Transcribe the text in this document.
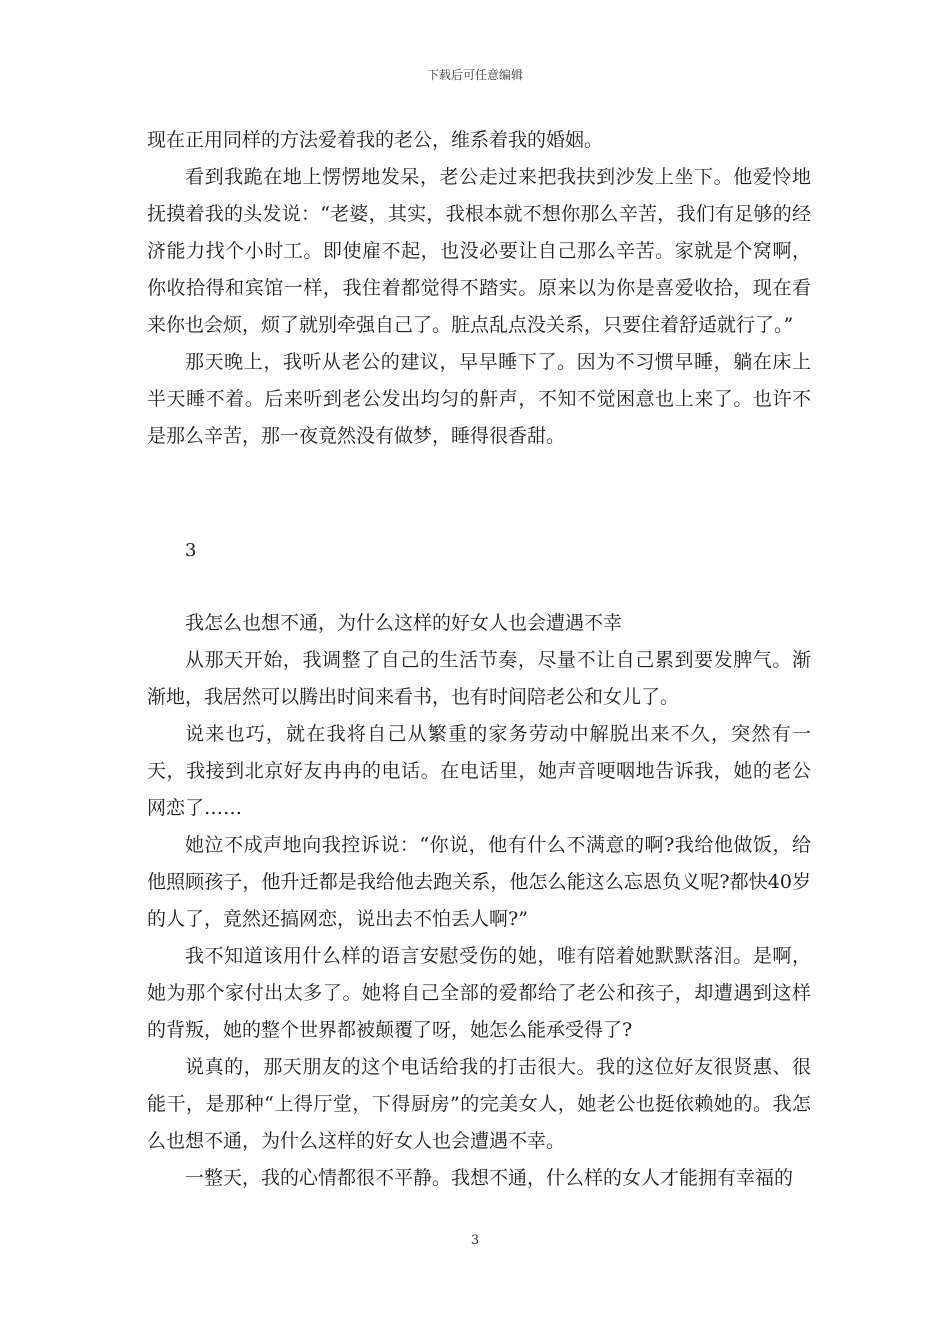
下载后可任意编辑

现在正用同样的方法爱着我的老公，维系着我的婚姻。

看到我跪在地上愣愣地发呆，老公走过来把我扶到沙发上坐下。他爱怜地抚摸着我的头发说：“老婆，其实，我根本就不想你那么辛苦，我们有足够的经济能力找个小时工。即使雇不起，也没必要让自己那么辛苦。家就是个窝啊，你收拾得和宾馆一样，我住着都觉得不踏实。原来以为你是喜爱收拾，现在看来你也会烦，烦了就别牵强自己了。脏点乱点没关系，只要住着舒适就行了。”

那天晚上，我听从老公的建议，早早睡下了。因为不习惯早睡，躺在床上半天睡不着。后来听到老公发出均匀的鼾声，不知不觉困意也上来了。也许不是那么辛苦，那一夜竟然没有做梦，睡得很香甜。

3

我怎么也想不通，为什么这样的好女人也会遭遇不幸

从那天开始，我调整了自己的生活节奏，尽量不让自己累到要发脾气。渐渐地，我居然可以腾出时间来看书，也有时间陪老公和女儿了。

说来也巧，就在我将自己从繁重的家务劳动中解脱出来不久，突然有一天，我接到北京好友冉冉的电话。在电话里，她声音哽咽地告诉我，她的老公网恋了……

她泣不成声地向我控诉说：“你说，他有什么不满意的啊?我给他做饭，给他照顾孩子，他升迁都是我给他去跑关系，他怎么能这么忘恩负义呢?都快40岁的人了，竟然还搞网恋，说出去不怕丢人啊?”

我不知道该用什么样的语言安慰受伤的她，唯有陪着她默默落泪。是啊，她为那个家付出太多了。她将自己全部的爱都给了老公和孩子，却遭遇到这样的背叛，她的整个世界都被颠覆了呀，她怎么能承受得了?

说真的，那天朋友的这个电话给我的打击很大。我的这位好友很贤惠、很能干，是那种“上得厅堂，下得厨房”的完美女人，她老公也挺依赖她的。我怎么也想不通，为什么这样的好女人也会遭遇不幸。

一整天，我的心情都很不平静。我想不通，什么样的女人才能拥有幸福的

3
